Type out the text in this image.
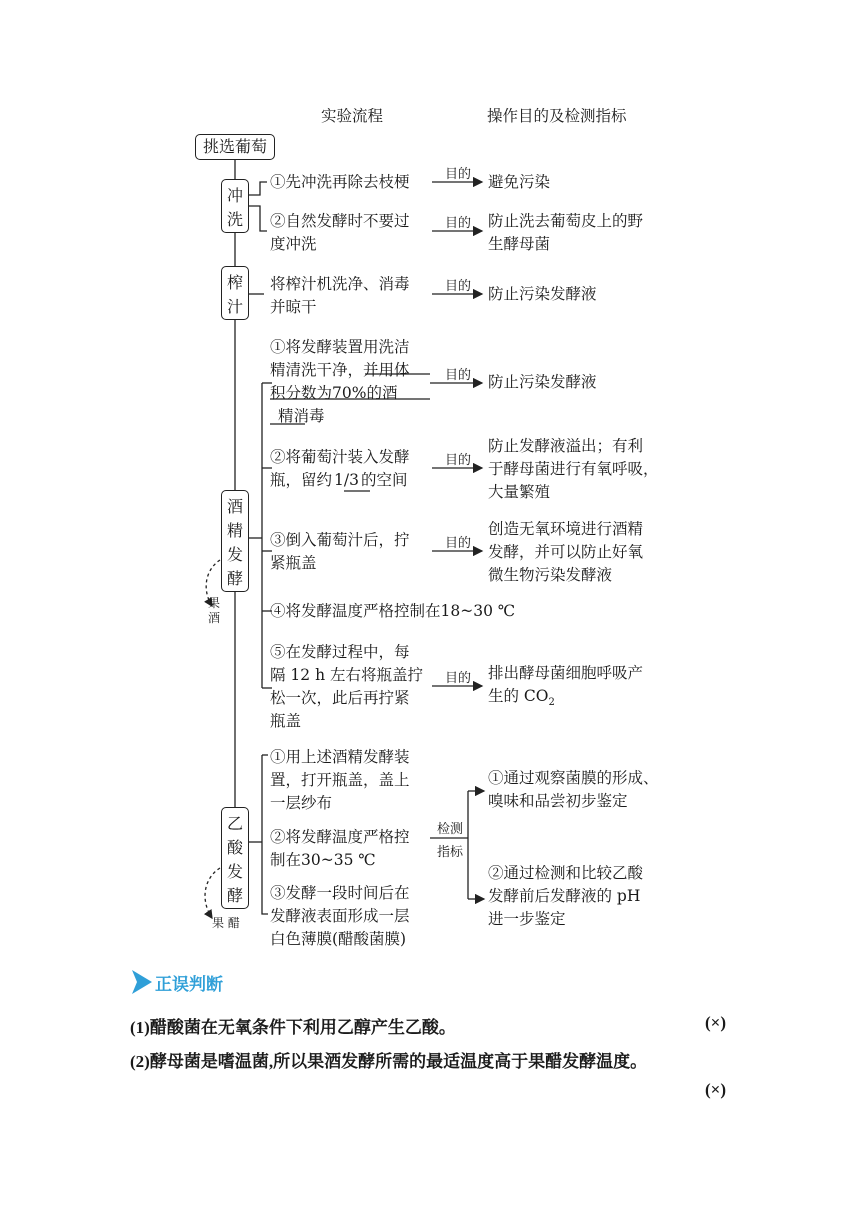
实验流程	操作目的及检测指标
挑选葡萄
冲
洗
榨
汁
酒
精
发
酵
乙
酸
发
酵
果
酒
果 醋
目的
目的
目的
目的
目的
目的
目的
检测
指标
①先冲洗再除去枝梗	避免污染
②自然发酵时不要过
度冲洗
防止洗去葡萄皮上的野
生酵母菌
将榨汁机洗净、消毒
并晾干
防止污染发酵液
①将发酵装置用洗洁
精清洗干净，并用体
积分数为70%的酒
精消毒
防止污染发酵液
②将葡萄汁装入发酵
瓶，留约 1/3 的空间
防止发酵液溢出；有利
于酵母菌进行有氧呼吸，
大量繁殖
③倒入葡萄汁后，拧
紧瓶盖
创造无氧环境进行酒精
发酵，并可以防止好氧
微生物污染发酵液
④将发酵温度严格控制在18~30 ℃
⑤在发酵过程中，每
隔 12 h 左右将瓶盖拧
松一次，此后再拧紧
瓶盖
排出酵母菌细胞呼吸产
生的 $CO_2$
①用上述酒精发酵装
置，打开瓶盖，盖上
一层纱布
②将发酵温度严格控
制在30~35 ℃
③发酵一段时间后在
发酵液表面形成一层
白色薄膜(醋酸菌膜)
①通过观察菌膜的形成、
嗅味和品尝初步鉴定
②通过检测和比较乙酸
发酵前后发酵液的 pH
进一步鉴定
正误判断
(1)醋酸菌在无氧条件下利用乙醇产生乙酸。	(×)
(2)酵母菌是嗜温菌,所以果酒发酵所需的最适温度高于果醋发酵温度。
(×)
